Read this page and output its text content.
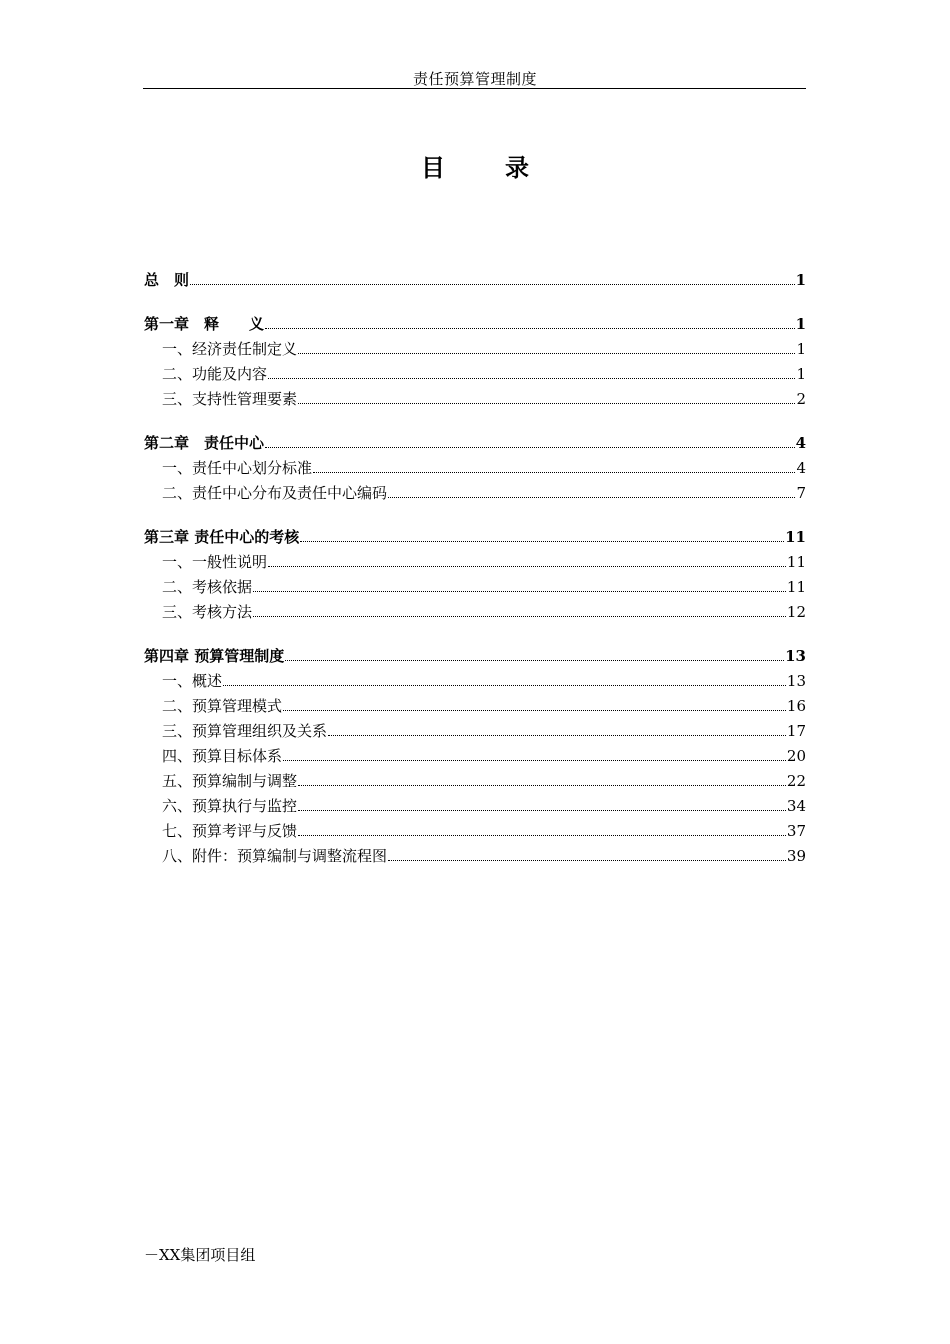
责任预算管理制度
目录
总　则	1
第一章　释　　义	1
一、经济责任制定义	1
二、功能及内容	1
三、支持性管理要素	2
第二章　责任中心	4
一、责任中心划分标准	4
二、责任中心分布及责任中心编码	7
第三章 责任中心的考核	11
一、一般性说明	11
二、考核依据	11
三、考核方法	12
第四章 预算管理制度	13
一、概述	13
二、预算管理模式	16
三、预算管理组织及关系	17
四、预算目标体系	20
五、预算编制与调整	22
六、预算执行与监控	34
七、预算考评与反馈	37
八、附件：预算编制与调整流程图	39
－XX集团项目组
